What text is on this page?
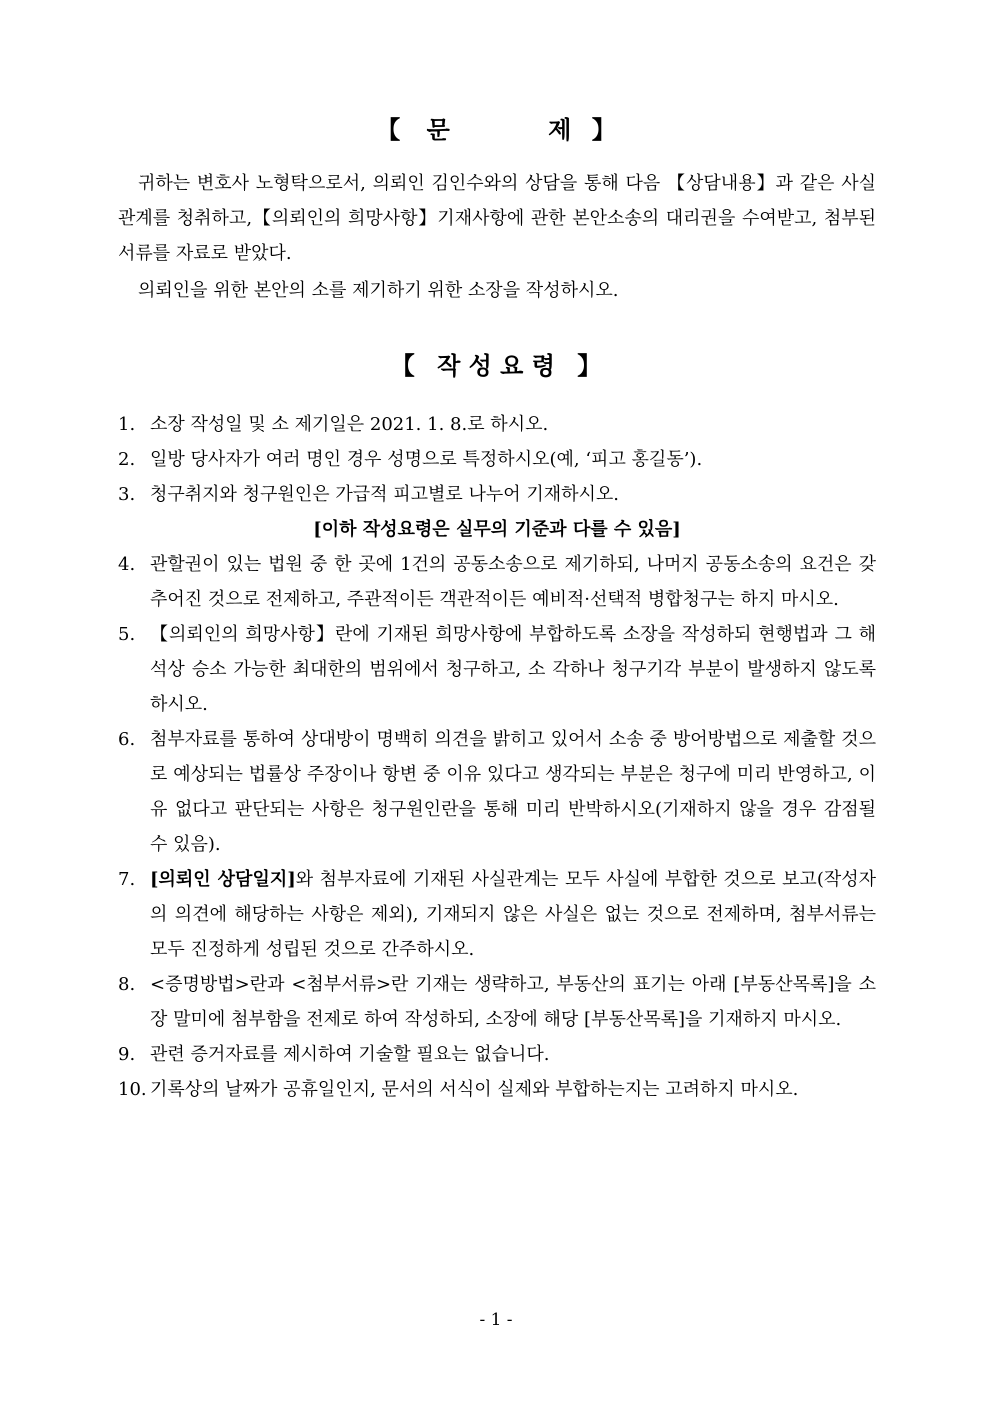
【 문	제 】

귀하는 변호사 노형탁으로서, 의뢰인 김인수와의 상담을 통해 다음 【상담내용】과 같은 사실관계를 청취하고,【의뢰인의 희망사항】기재사항에 관한 본안소송의 대리권을 수여받고, 첨부된 서류를 자료로 받았다.

의뢰인을 위한 본안의 소를 제기하기 위한 소장을 작성하시오.

【 작 성 요 령 】
1. 소장 작성일 및 소 제기일은 2021. 1. 8.로 하시오.
2. 일방 당사자가 여러 명인 경우 성명으로 특정하시오(예, ‘피고 홍길동’).
3. 청구취지와 청구원인은 가급적 피고별로 나누어 기재하시오.
[이하 작성요령은 실무의 기준과 다를 수 있음]
4. 관할권이 있는 법원 중 한 곳에 1건의 공동소송으로 제기하되, 나머지 공동소송의 요건은 갖추어진 것으로 전제하고, 주관적이든 객관적이든 예비적·선택적 병합청구는 하지 마시오.
5. 【의뢰인의 희망사항】란에 기재된 희망사항에 부합하도록 소장을 작성하되 현행법과 그 해석상 승소 가능한 최대한의 범위에서 청구하고, 소 각하나 청구기각 부분이 발생하지 않도록 하시오.
6. 첨부자료를 통하여 상대방이 명백히 의견을 밝히고 있어서 소송 중 방어방법으로 제출할 것으로 예상되는 법률상 주장이나 항변 중 이유 있다고 생각되는 부분은 청구에 미리 반영하고, 이유 없다고 판단되는 사항은 청구원인란을 통해 미리 반박하시오(기재하지 않을 경우 감점될 수 있음).
7. [의뢰인 상담일지]와 첨부자료에 기재된 사실관계는 모두 사실에 부합한 것으로 보고(작성자의 의견에 해당하는 사항은 제외), 기재되지 않은 사실은 없는 것으로 전제하며, 첨부서류는 모두 진정하게 성립된 것으로 간주하시오.
8. <증명방법>란과 <첨부서류>란 기재는 생략하고, 부동산의 표기는 아래 [부동산목록]을 소장 말미에 첨부함을 전제로 하여 작성하되, 소장에 해당 [부동산목록]을 기재하지 마시오.
9. 관련 증거자료를 제시하여 기술할 필요는 없습니다.
10. 기록상의 날짜가 공휴일인지, 문서의 서식이 실제와 부합하는지는 고려하지 마시오.
- 1 -
